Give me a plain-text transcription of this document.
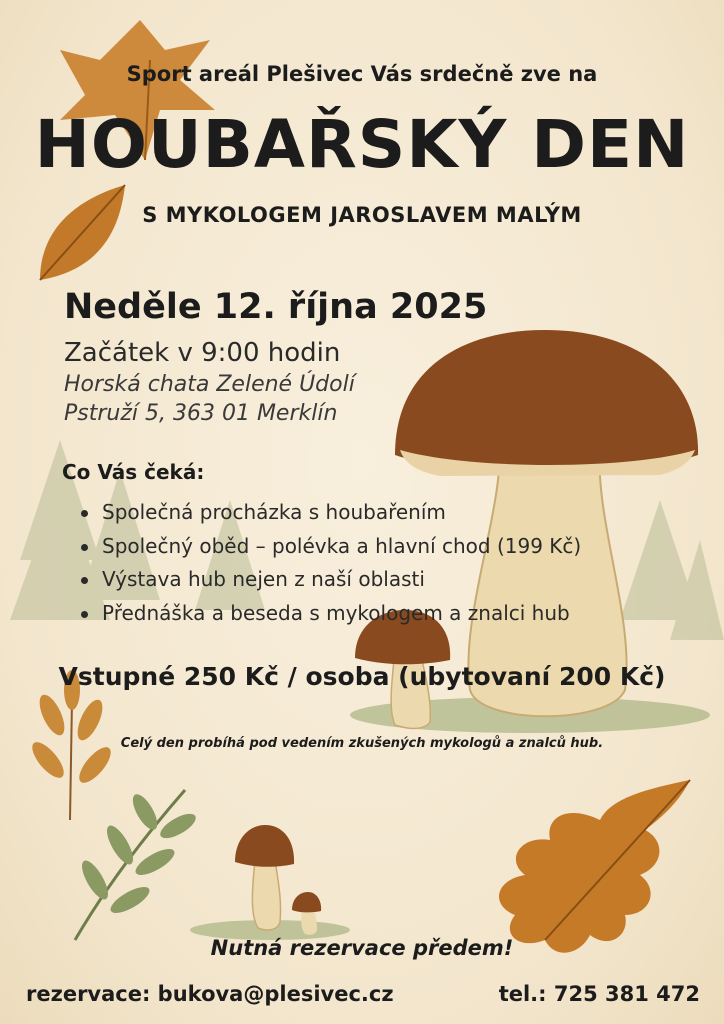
Sport areál Plešivec Vás srdečně zve na
HOUBAŘSKÝ DEN
S MYKOLOGEM JAROSLAVEM MALÝM
Neděle 12. října 2025
Začátek v 9:00 hodin
Horská chata Zelené Údolí
Pstruží 5, 363 01 Merklín
Co Vás čeká:
Společná procházka s houbařením
Společný oběd – polévka a hlavní chod (199 Kč)
Výstava hub nejen z naší oblasti
Přednáška a beseda s mykologem a znalci hub
Vstupné 250 Kč / osoba (ubytovaní 200 Kč)
Celý den probíhá pod vedením zkušených mykologů a znalců hub.
Nutná rezervace předem!
rezervace: bukova@plesivec.cz	tel.: 725 381 472
